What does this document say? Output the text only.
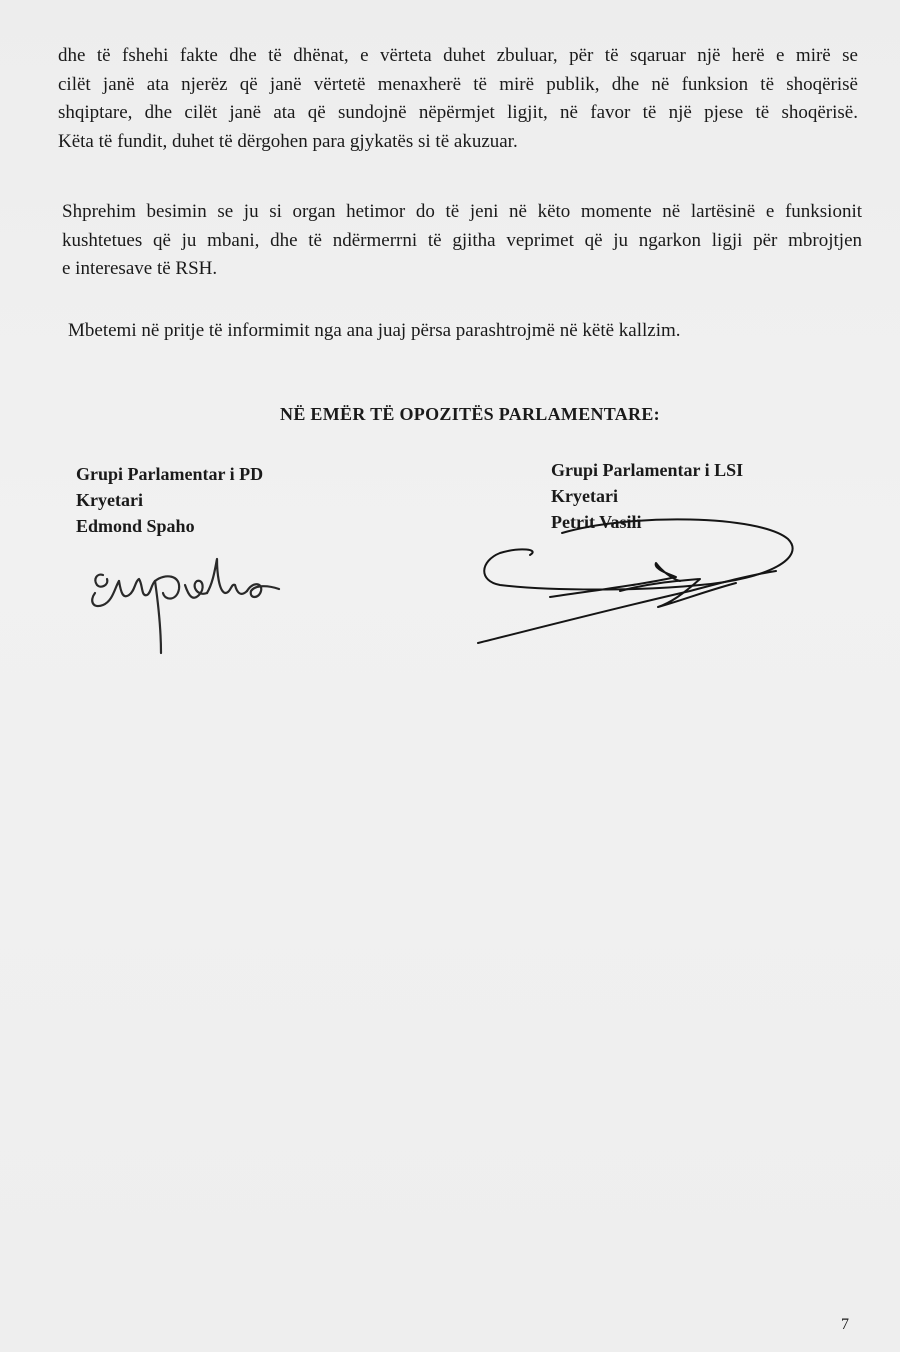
dhe të fshehi fakte dhe të dhënat, e vërteta duhet zbuluar, për të sqaruar një herë e mirë se
cilët janë ata njerëz që janë vërtetë menaxherë të mirë publik, dhe në funksion të shoqërisë
shqiptare, dhe cilët janë ata që sundojnë nëpërmjet ligjit, në favor të një pjese të shoqërisë.
Këta të fundit, duhet të dërgohen para gjykatës si të akuzuar.
Shprehim besimin se ju si organ hetimor do të jeni në këto momente në lartësinë e funksionit
kushtetues që ju mbani, dhe të ndërmerrni të gjitha veprimet që ju ngarkon ligji për mbrojtjen
e interesave të RSH.
Mbetemi në pritje të informimit nga ana juaj përsa parashtrojmë në këtë kallzim.
NË EMËR TË OPOZITËS PARLAMENTARE:
Grupi Parlamentar i PD
Kryetari
Edmond Spaho
Grupi Parlamentar i LSI
Kryetari
Petrit Vasili
7
